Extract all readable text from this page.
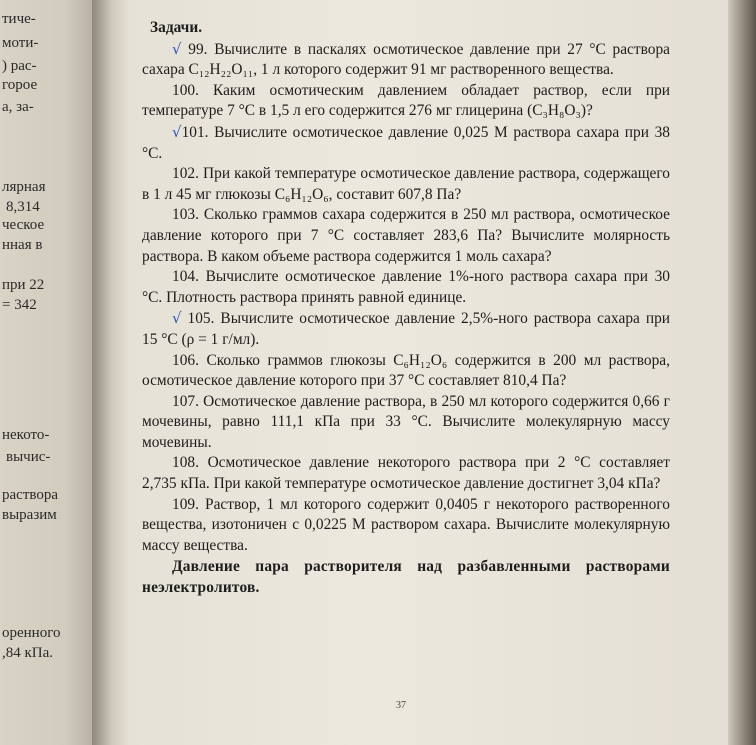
тиче-
моти-
) рас-
горое
а, за-
лярная
8,314
ческое
нная в
при 22
= 342
некото-
вычис-
раствора
выразим
оренного
,84 кПа.

Задачи.

√ 99. Вычислите в паскалях осмотическое давление при 27 °С раствора сахара C₁₂H₂₂O₁₁, 1 л которого содержит 91 мг растворенного вещества.

100. Каким осмотическим давлением обладает раствор, если при температуре 7 °С в 1,5 л его содержится 276 мг глицерина (C₃H₈O₃)?

√101. Вычислите осмотическое давление 0,025 М раствора сахара при 38 °С.

102. При какой температуре осмотическое давление раствора, содержащего в 1 л 45 мг глюкозы C₆H₁₂O₆, составит 607,8 Па?

103. Сколько граммов сахара содержится в 250 мл раствора, осмотическое давление которого при 7 °С составляет 283,6 Па? Вычислите молярность раствора. В каком объеме раствора содержится 1 моль сахара?

104. Вычислите осмотическое давление 1%-ного раствора сахара при 30 °С. Плотность раствора принять равной единице.

√ 105. Вычислите осмотическое давление 2,5%-ного раствора сахара при 15 °С (ρ = 1 г/мл).

106. Сколько граммов глюкозы C₆H₁₂O₆ содержится в 200 мл раствора, осмотическое давление которого при 37 °С составляет 810,4 Па?

107. Осмотическое давление раствора, в 250 мл которого содержится 0,66 г мочевины, равно 111,1 кПа при 33 °С. Вычислите молекулярную массу мочевины.

108. Осмотическое давление некоторого раствора при 2 °С составляет 2,735 кПа. При какой температуре осмотическое давление достигнет 3,04 кПа?

109. Раствор, 1 мл которого содержит 0,0405 г некоторого растворенного вещества, изотоничен с 0,0225 М раствором сахара. Вычислите молекулярную массу вещества.

Давление пара растворителя над разбавленными растворами неэлектролитов.

37
